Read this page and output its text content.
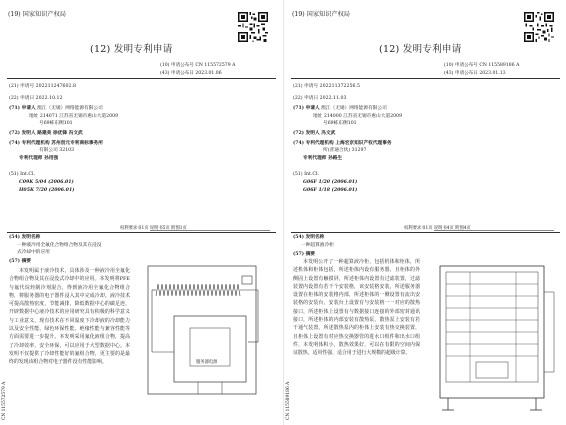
(19) 国家知识产权局
(12) 发明专利申请
(10) 申请公布号 CN 115572579 A
(43) 申请公布日 2023.01.06
(21) 申请号 202211247602.8
(22) 申请日 2022.10.12
(71) 申请人 澳江（无锡）网络能源有限公司
地址 214071 江苏省无锡市惠山大道2009
号69栋东侧101
(72) 发明人 路建美 徐优锋 冯文武
(74) 专利代理机构 苏州创元专利商标事务所
有限公司 32103
专利代理师 孙用强
(51) Int.Cl.
C09K 5/04 (2006.01)
H05K 7/20 (2006.01)
权利要求书1页 说明书5页 附图1页
(54) 发明名称
一种液冷用全氟化合物组合物及其在浸没
式冷却中的应用
(57) 摘要
本发明属于液冷技术，具体涉及一种液冷用全氟化合物组合物及其在浸没式冷却中的应用。本发明将PFE与氟代烷烃制冷剂混合，得到液冷用全氟化合物组合物，将服务器的电子器件浸入其中完成冷却。液冷技术可提高散热密度，节能减排，降低数据中心的碳足迹，开辟数据中心液冷技术的应用研究具有积极的科学意义与工业意义，现有技术在不同温度下冷却液的冷却能力以及安全性能、绿色环保性能、绝缘性能与兼容性能等方面需要进一步提升。本发明采用氟化液组合物，提高了冷却效率，安全环保，可以应用于大型数据中心。本发明不仅提供了冷却性能好的氟组合物，更主要的是最终的发现该组合物对电子器件没有性能影响。	服务器电源
CN 115572579 A
(19) 国家知识产权局
(12) 发明专利申请
(10) 申请公布号 CN 115589186 A
(43) 申请公布日 2023.01.13
(21) 申请号 202211372256.5
(22) 申请日 2022.11.03
(71) 申请人 澳江（无锡）网络能源有限公司
地址 214000 江苏省无锡市惠山大道2009
号69栋东侧101
(72) 发明人 冯文武
(74) 专利代理机构 上海宏京知识产权代理事务
所(普通合伙) 31297
专利代理师 孙路生
(51) Int.Cl.
G06F 1/20 (2006.01)
G06F 1/18 (2006.01)
权利要求书1页 说明书4页 附图4页
(54) 发明名称
一种超算液冷柜
(57) 摘要
本发明公开了一种超算液冷柜，包括机体和柜体，所述机体和柜体包括，所述柜体内设有服务器，且柜体的外侧固上设置有触摸屏，所述柜体内设置有过滤装置，过滤装置内设置有若干个安装格，该安装格安装，所述服务器设置在柜体的安装格内部，所述柜体的一侧设置有流出安装格的安装台，安装台上设置有与安装格一一对应的散热接口，所述柜体上设置有与数据接口连接的外部密封通讯接口，所述柜体的内部安装有散热泵，散热泵上安装有若干通气装置，所述散热泵内的柜体上安装有热交换装置，且柜体上设置有对应热交换器管的进水口组件和出水口组件，本发明体积小，散热效果好，可以在有限的空间内保证散热，适用性强，适合用于进行大规模的超级计算。
CN 115589186 A
